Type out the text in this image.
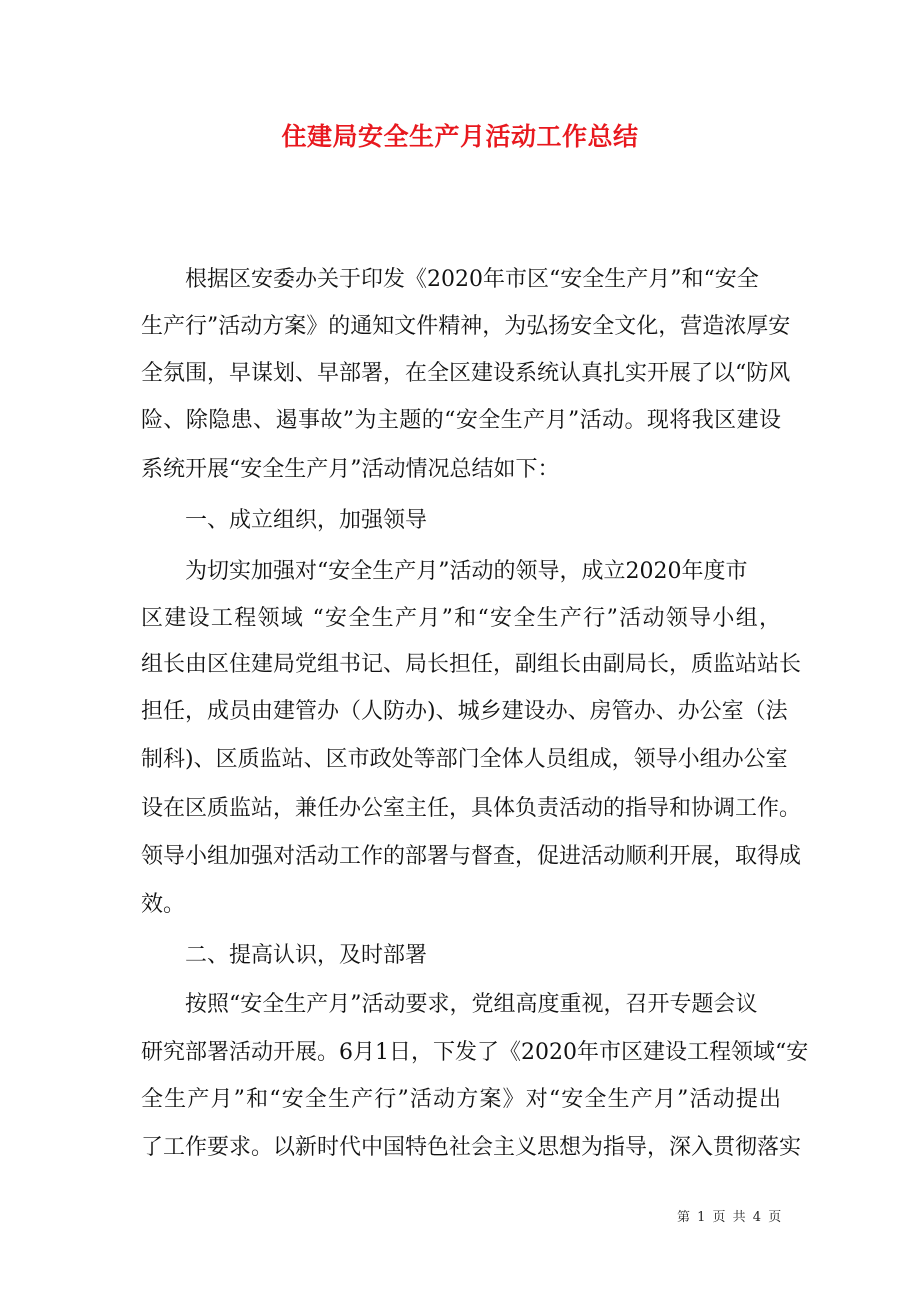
住建局安全生产月活动工作总结
根据区安委办关于印发《2020年市区“安全生产月”和“安全
生产行”活动方案》的通知文件精神，为弘扬安全文化，营造浓厚安
全氛围，早谋划、早部署，在全区建设系统认真扎实开展了以“防风
险、除隐患、遏事故”为主题的“安全生产月”活动。现将我区建设
系统开展“安全生产月”活动情况总结如下：
一、成立组织，加强领导
为切实加强对“安全生产月”活动的领导，成立2020年度市
区建设工程领域 “安全生产月”和“安全生产行”活动领导小组，
组长由区住建局党组书记、局长担任，副组长由副局长，质监站站长
担任，成员由建管办（人防办)、城乡建设办、房管办、办公室（法
制科)、区质监站、区市政处等部门全体人员组成，领导小组办公室
设在区质监站，兼任办公室主任，具体负责活动的指导和协调工作。
领导小组加强对活动工作的部署与督查，促进活动顺利开展，取得成
效。
二、提高认识，及时部署
按照“安全生产月”活动要求，党组高度重视，召开专题会议
研究部署活动开展。6月1日，下发了《2020年市区建设工程领域“安
全生产月”和“安全生产行”活动方案》对“安全生产月”活动提出
了工作要求。以新时代中国特色社会主义思想为指导，深入贯彻落实
第 1 页 共 4 页
